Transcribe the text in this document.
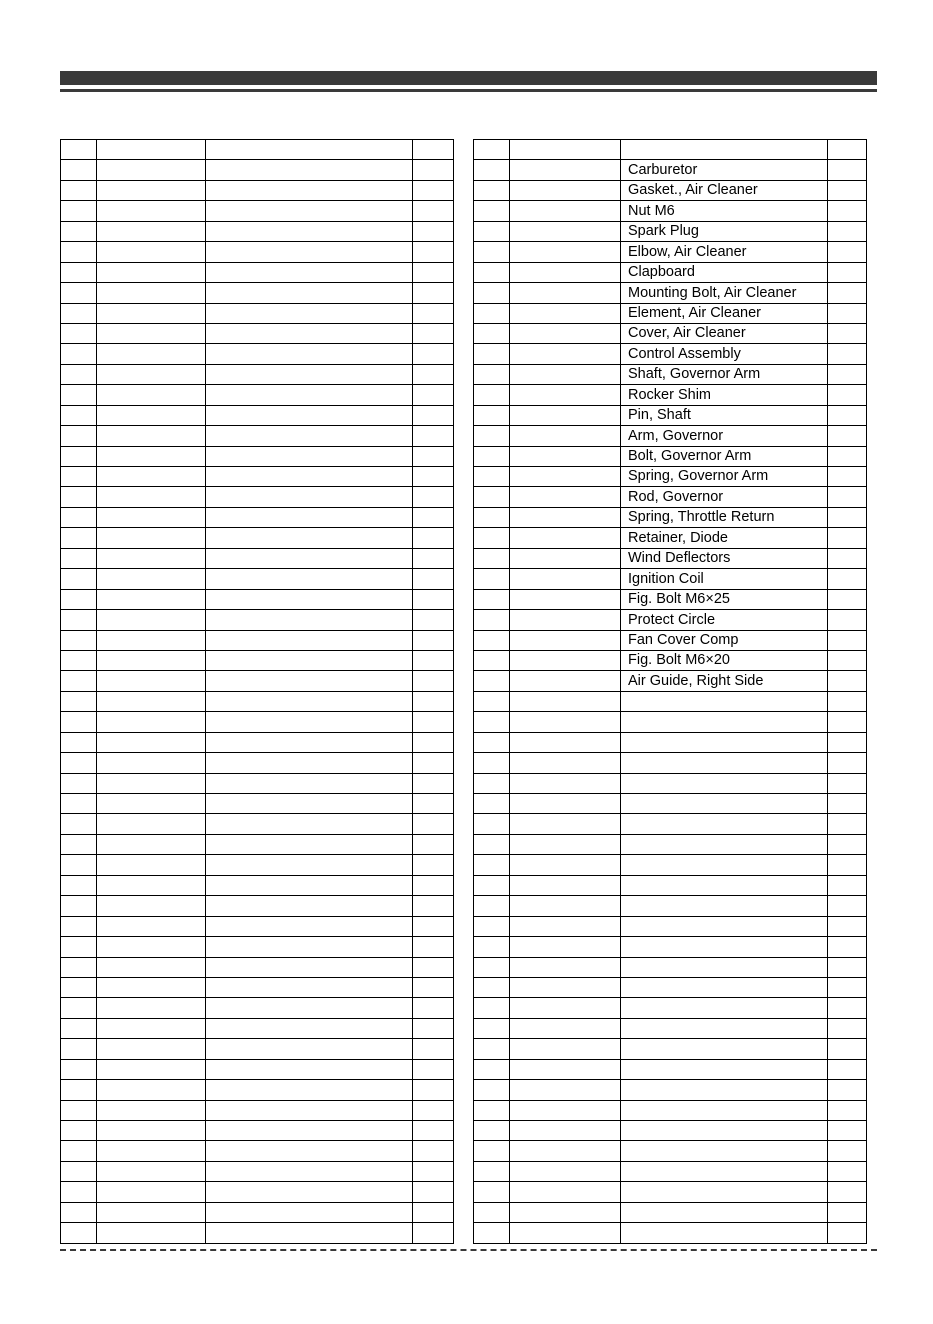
		Carburetor	
		Gasket., Air Cleaner	
		Nut M6	
		Spark Plug	
		Elbow, Air Cleaner	
		Clapboard	
		Mounting Bolt, Air Cleaner	
		Element, Air Cleaner	
		Cover, Air Cleaner	
		Control Assembly	
		Shaft, Governor Arm	
		Rocker Shim	
		Pin, Shaft	
		Arm, Governor	
		Bolt, Governor Arm	
		Spring, Governor Arm	
		Rod, Governor	
		Spring, Throttle Return	
		Retainer, Diode	
		Wind Deflectors	
		Ignition Coil	
		Fig. Bolt M6×25	
		Protect Circle	
		Fan Cover Comp	
		Fig. Bolt M6×20	
		Air Guide, Right Side	
